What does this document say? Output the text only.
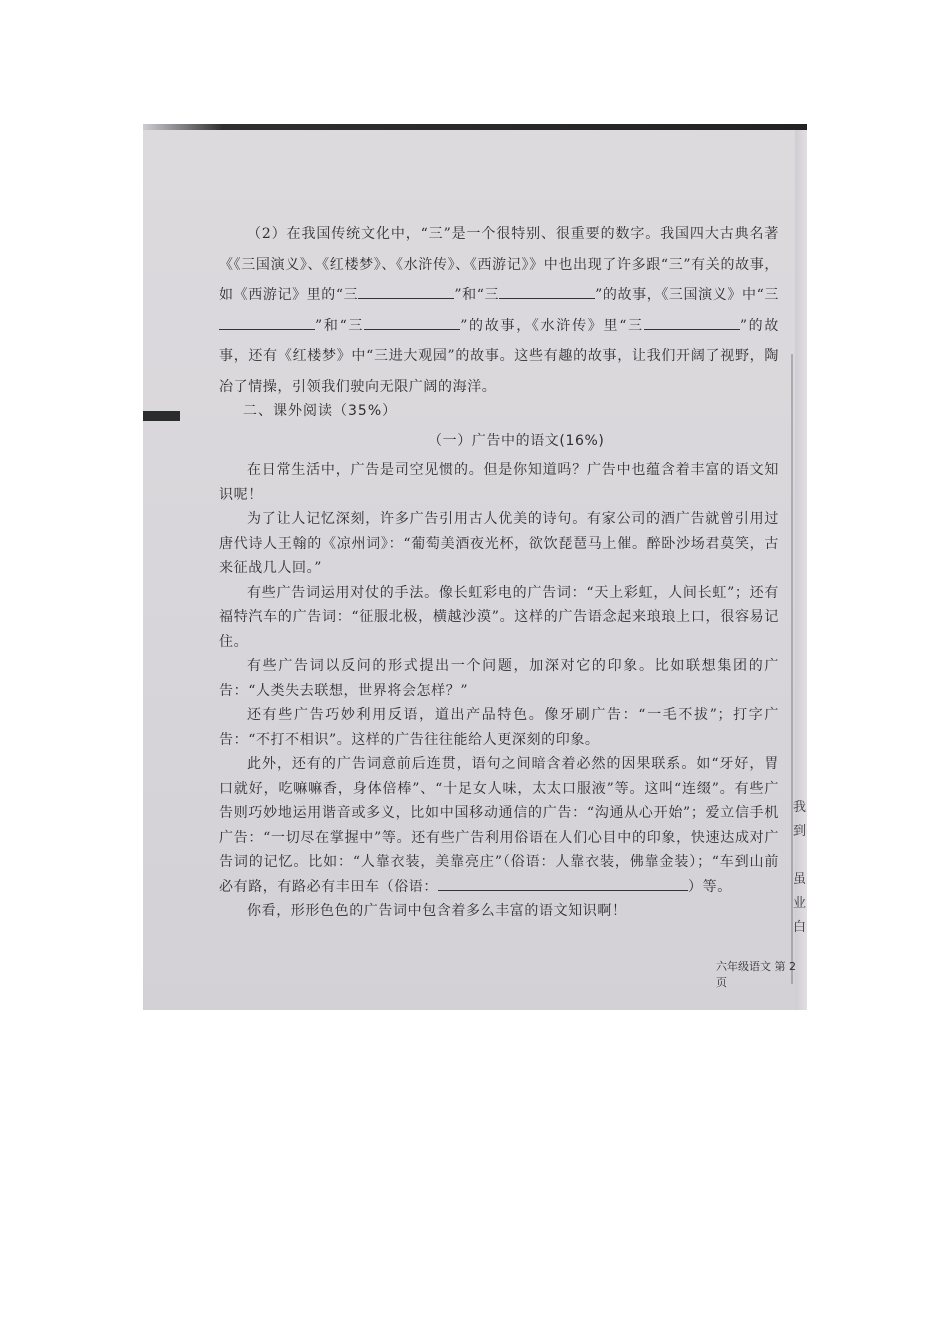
（2）在我国传统文化中，“三”是一个很特别、很重要的数字。我国四大古典名著《《三国演义》、《红楼梦》、《水浒传》、《西游记》》中也出现了许多跟“三”有关的故事，如《西游记》里的“三	”和“三	”的故事，《三国演义》中“三”和“三	”的故事，《水浒传》里“三	”的故事，还有《红楼梦》中“三进大观园”的故事。这些有趣的故事，让我们开阔了视野，陶冶了情操，引领我们驶向无限广阔的海洋。

二、课外阅读（35%）
（一）广告中的语文(16%)

在日常生活中，广告是司空见惯的。但是你知道吗？广告中也蕴含着丰富的语文知识呢！

为了让人记忆深刻，许多广告引用古人优美的诗句。有家公司的酒广告就曾引用过唐代诗人王翰的《凉州词》：“葡萄美酒夜光杯，欲饮琵琶马上催。醉卧沙场君莫笑，古来征战几人回。”

有些广告词运用对仗的手法。像长虹彩电的广告词：“天上彩虹，人间长虹”；还有福特汽车的广告词：“征服北极，横越沙漠”。这样的广告语念起来琅琅上口，很容易记住。

有些广告词以反问的形式提出一个问题，加深对它的印象。比如联想集团的广告：“人类失去联想，世界将会怎样？”

还有些广告巧妙利用反语，道出产品特色。像牙刷广告：“一毛不拔”；打字广告：“不打不相识”。这样的广告往往能给人更深刻的印象。

此外，还有的广告词意前后连贯，语句之间暗含着必然的因果联系。如“牙好，胃口就好，吃嘛嘛香，身体倍棒”、“十足女人味，太太口服液”等。这叫“连缀”。有些广告则巧妙地运用谐音或多义，比如中国移动通信的广告：“沟通从心开始”；爱立信手机广告：“一切尽在掌握中”等。还有些广告利用俗语在人们心目中的印象，快速达成对广告词的记忆。比如：“人靠衣装，美靠亮庄”（俗语：人靠衣装，佛靠金装）；“车到山前必有路，有路必有丰田车（俗语：	）等。

你看，形形色色的广告词中包含着多么丰富的语文知识啊！

六年级语文 第 2 页
我
到
虽
业
白
